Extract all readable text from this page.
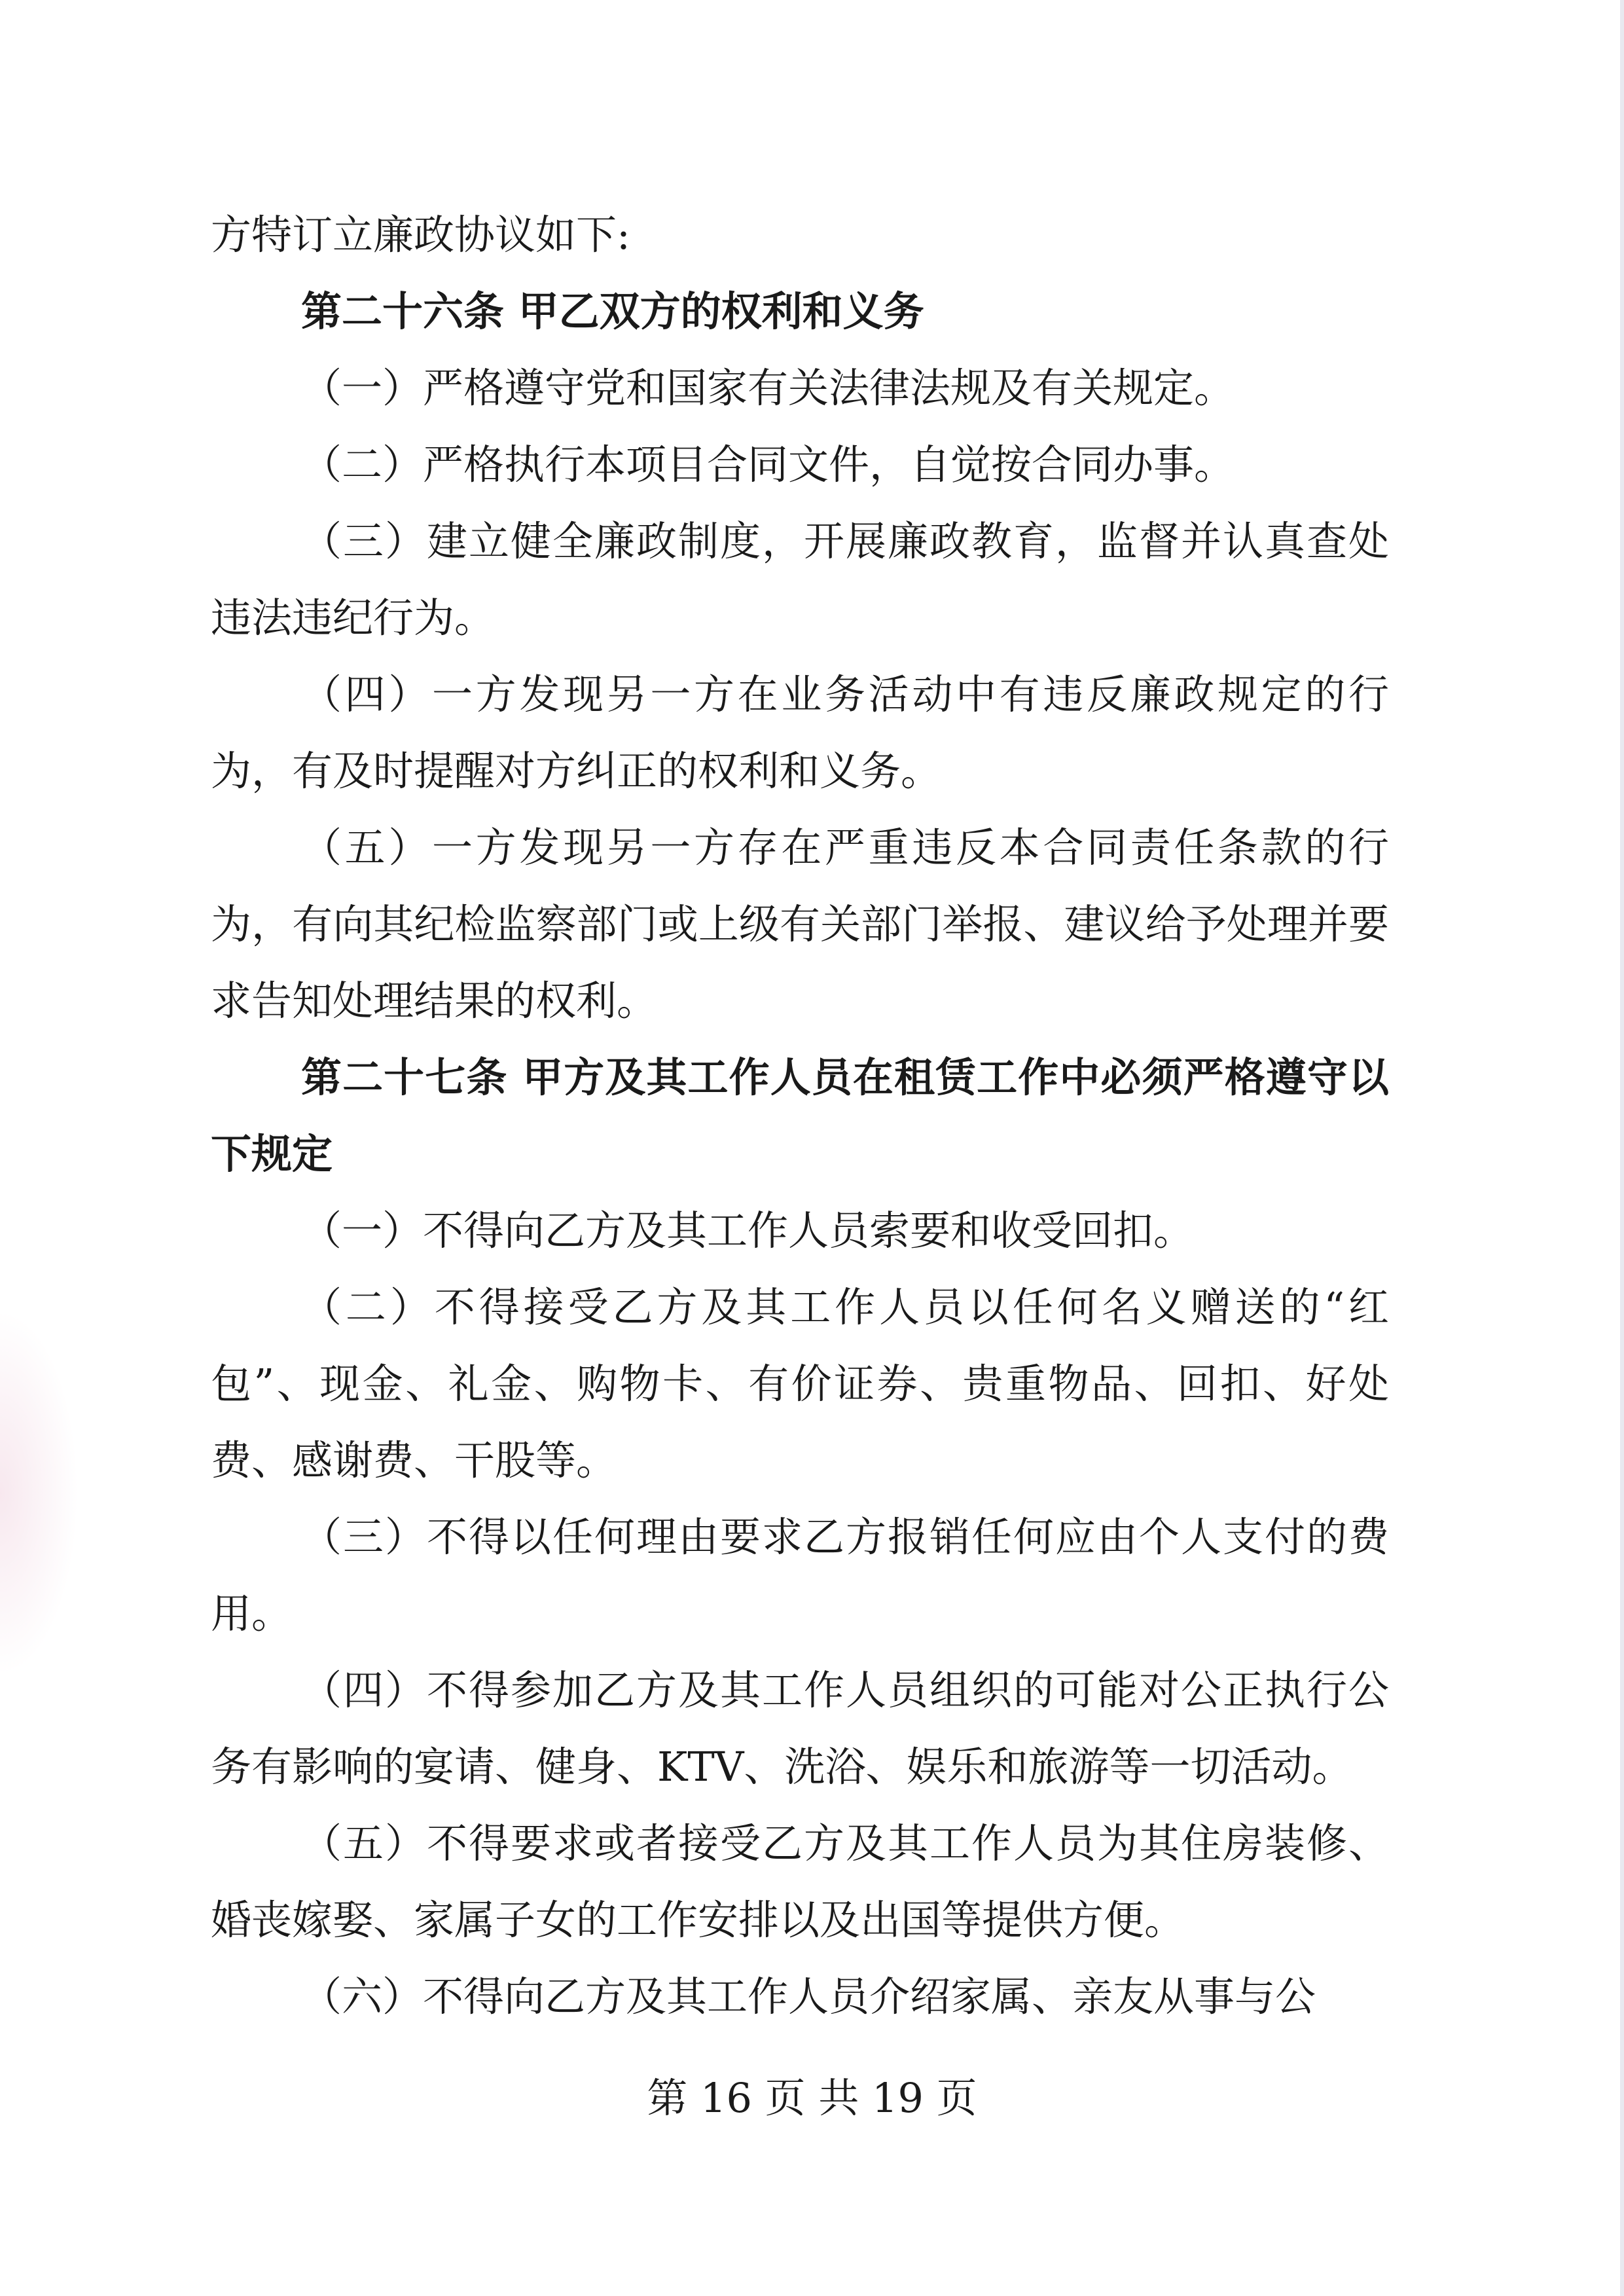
方特订立廉政协议如下:

第二十六条 甲乙双方的权利和义务

（一）严格遵守党和国家有关法律法规及有关规定。

（二）严格执行本项目合同文件，自觉按合同办事。

（三）建立健全廉政制度，开展廉政教育，监督并认真查处违法违纪行为。

（四）一方发现另一方在业务活动中有违反廉政规定的行为，有及时提醒对方纠正的权利和义务。

（五）一方发现另一方存在严重违反本合同责任条款的行为，有向其纪检监察部门或上级有关部门举报、建议给予处理并要求告知处理结果的权利。

第二十七条 甲方及其工作人员在租赁工作中必须严格遵守以下规定

（一）不得向乙方及其工作人员索要和收受回扣。

（二）不得接受乙方及其工作人员以任何名义赠送的“红包”、现金、礼金、购物卡、有价证券、贵重物品、回扣、好处费、感谢费、干股等。

（三）不得以任何理由要求乙方报销任何应由个人支付的费用。

（四）不得参加乙方及其工作人员组织的可能对公正执行公务有影响的宴请、健身、KTV、洗浴、娱乐和旅游等一切活动。

（五）不得要求或者接受乙方及其工作人员为其住房装修、婚丧嫁娶、家属子女的工作安排以及出国等提供方便。

（六）不得向乙方及其工作人员介绍家属、亲友从事与公

第 16 页 共 19 页
